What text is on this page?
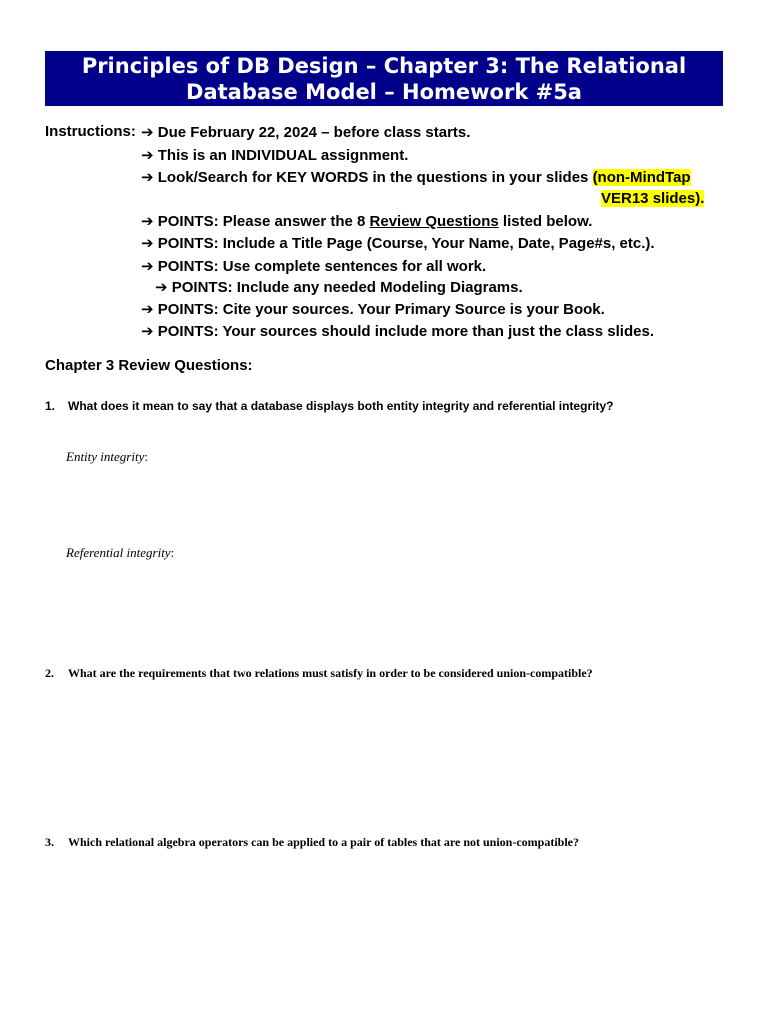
Principles of DB Design – Chapter 3: The Relational
Database Model – Homework #5a
Instructions: ➔ Due February 22, 2024 – before class starts.
➔ This is an INDIVIDUAL assignment.
➔ Look/Search for KEY WORDS in the questions in your slides (non-MindTap
VER13 slides).
➔ POINTS: Please answer the 8 Review Questions listed below.
➔ POINTS: Include a Title Page (Course, Your Name, Date, Page#s, etc.).
➔ POINTS: Use complete sentences for all work.
➔ POINTS: Include any needed Modeling Diagrams.
➔ POINTS: Cite your sources. Your Primary Source is your Book.
➔ POINTS: Your sources should include more than just the class slides.
Chapter 3 Review Questions:
1. What does it mean to say that a database displays both entity integrity and referential integrity?
Entity integrity:
Referential integrity:
2. What are the requirements that two relations must satisfy in order to be considered union-compatible?
3. Which relational algebra operators can be applied to a pair of tables that are not union-compatible?
